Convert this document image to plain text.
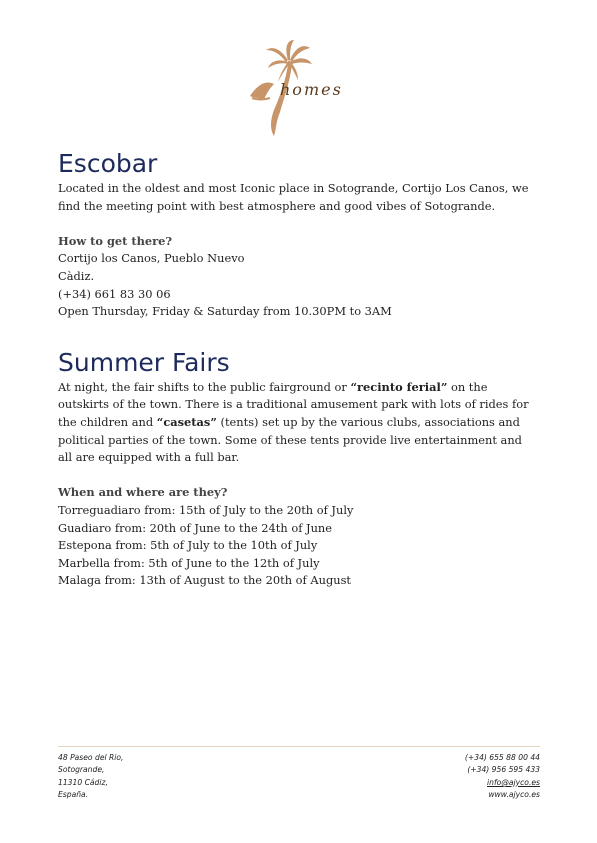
homes
Escobar

Located in the oldest and most Iconic place in Sotogrande, Cortijo Los Canos, we find the meeting point with best atmosphere and good vibes of Sotogrande.

How to get there?

Cortijo los Canos, Pueblo Nuevo

Càdiz.

(+34) 661 83 30 06

Open Thursday, Friday & Saturday from 10.30PM to 3AM

Summer Fairs

At night, the fair shifts to the public fairground or “recinto ferial” on the outskirts of the town. There is a traditional amusement park with lots of rides for the children and “casetas” (tents) set up by the various clubs, associations and political parties of the town. Some of these tents provide live entertainment and all are equipped with a full bar.

When and where are they?

Torreguadiaro from: 15th of July to the 20th of July

Guadiaro from: 20th of June to the 24th of June

Estepona from: 5th of July to the 10th of July

Marbella from: 5th of June to the 12th of July

Malaga from: 13th of August to the 20th of August

48 Paseo del Rio,
Sotogrande,
11310 Cádiz,
España.
(+34) 655 88 00 44
(+34) 956 595 433
info@ajyco.es
www.ajyco.es
